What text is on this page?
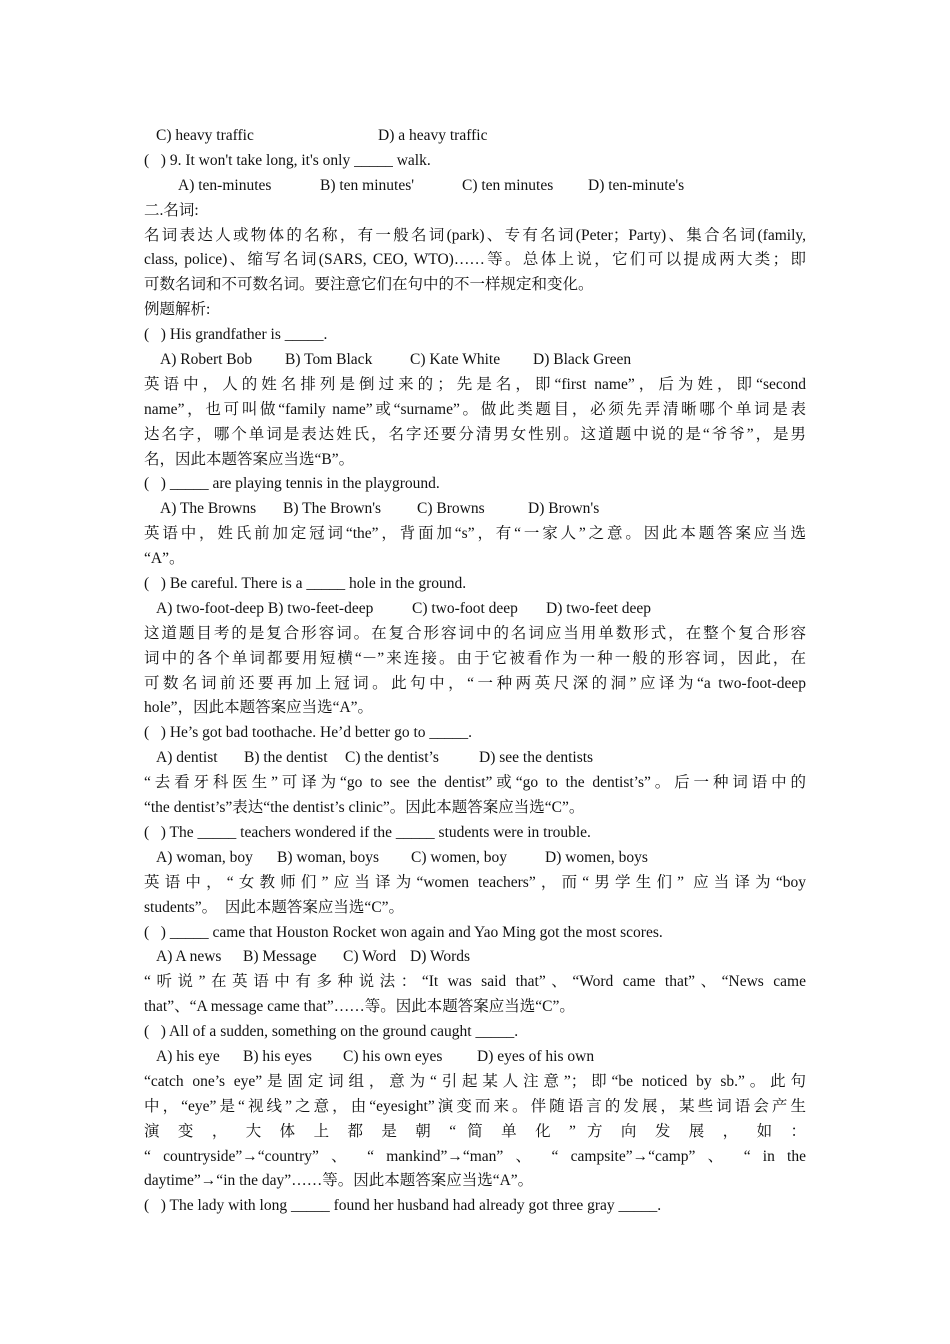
C) heavy traffic	D) a heavy traffic
(   ) 9. It won't take long, it's only _____ walk.
A) ten-minutes	B) ten minutes'	C) ten minutes D) ten-minute's
二.名词:
名词表达人或物体的名称，有一般名词(park)、专有名词(Peter；Party)、集合名词(family,
class, police)、缩写名词(SARS, CEO, WTO)……等。总体上说，它们可以提成两大类；即
可数名词和不可数名词。要注意它们在句中的不一样规定和变化。
例题解析:
(   ) His grandfather is _____.
A) Robert Bob B) Tom Black C) Kate White D) Black Green
英语中，人的姓名排列是倒过来的；先是名，即“first name”，后为姓，即“second
name”，也可叫做“family name”或“surname”。做此类题目，必须先弄清晰哪个单词是表
达名字，哪个单词是表达姓氏，名字还要分清男女性别。这道题中说的是“爷爷”，是男
名，因此本题答案应当选“B”。
(   ) _____ are playing tennis in the playground.
A) The Browns B) The Brown's C) Browns	D) Brown's
英语中，姓氏前加定冠词“the”，背面加“s”，有“一家人”之意。因此本题答案应当选
“A”。
(   ) Be careful. There is a _____ hole in the ground.
A) two-foot-deep B) two-feet-deep C) two-foot deep D) two-feet deep
这道题目考的是复合形容词。在复合形容词中的名词应当用单数形式，在整个复合形容
词中的各个单词都要用短横“－”来连接。由于它被看作为一种一般的形容词，因此，在
可数名词前还要再加上冠词。此句中，“一种两英尺深的洞”应译为“a two-foot-deep
hole”，因此本题答案应当选“A”。
(   ) He’s got bad toothache. He’d better go to _____.
A) dentist B) the dentist C) the dentist’s	D) see the dentists
“去看牙科医生”可译为“go to see the dentist”或“go to the dentist’s”。后一种词语中的
“the dentist’s”表达“the dentist’s clinic”。因此本题答案应当选“C”。
(   ) The _____ teachers wondered if the _____ students were in trouble.
A) woman, boy B) woman, boys C) women, boy D) women, boys
英语中，“女教师们”应当译为“women teachers”，而“男学生们” 应当译为“boy
students”。  因此本题答案应当选“C”。
(   ) _____ came that Houston Rocket won again and Yao Ming got the most scores.
A) A news B) Message C) Word D) Words
“听说”在英语中有多种说法：“It was said that”、“Word came that”、“News came
that”、“A message came that”……等。因此本题答案应当选“C”。
(   ) All of a sudden, something on the ground caught _____.
A) his eye B) his eyes C) his own eyes D) eyes of his own
“catch one’s eye”是固定词组，意为“引起某人注意”；即“be noticed by sb.”。此句
中，“eye”是“视线”之意，由“eyesight”演变而来。伴随语言的发展，某些词语会产生
演 变 ， 大 体 上 都 是 朝 “ 简 单 化 ” 方 向 发 展 ， 如 ：
“ countryside”→“country” 、 “ mankind”→“man” 、 “ campsite”→“camp” 、 “ in the
daytime”→“in the day”……等。因此本题答案应当选“A”。
(   ) The lady with long _____ found her husband had already got three gray _____.
